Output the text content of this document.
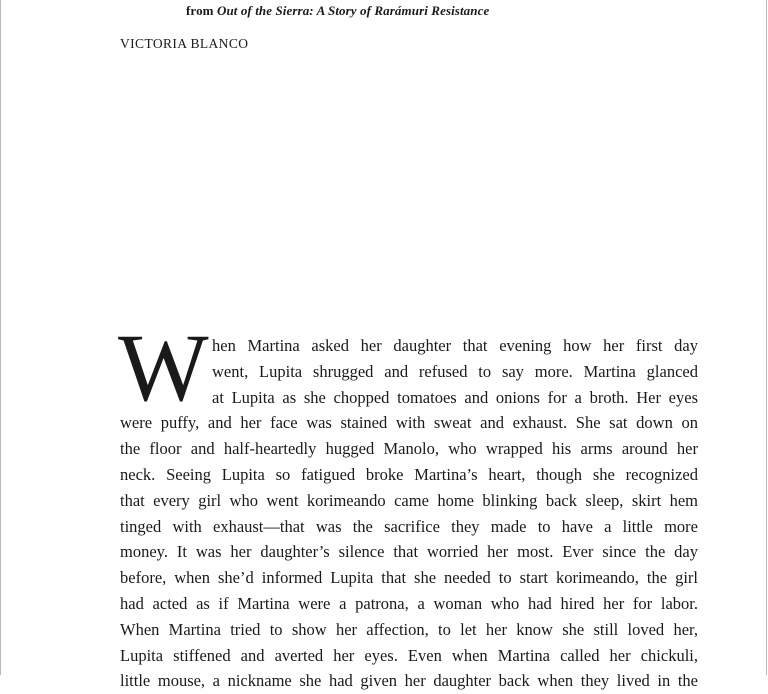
from Out of the Sierra: A Story of Rarámuri Resistance
VICTORIA BLANCO
W hen Martina asked her daughter that evening how her first day
went, Lupita shrugged and refused to say more. Martina glanced
at Lupita as she chopped tomatoes and onions for a broth. Her eyes
were puffy, and her face was stained with sweat and exhaust. She sat down on
the floor and half-heartedly hugged Manolo, who wrapped his arms around her
neck. Seeing Lupita so fatigued broke Martina’s heart, though she recognized
that every girl who went korimeando came home blinking back sleep, skirt hem
tinged with exhaust—that was the sacrifice they made to have a little more
money. It was her daughter’s silence that worried her most. Ever since the day
before, when she’d informed Lupita that she needed to start korimeando, the girl
had acted as if Martina were a patrona, a woman who had hired her for labor.
When Martina tried to show her affection, to let her know she still loved her,
Lupita stiffened and averted her eyes. Even when Martina called her chickuli,
little mouse, a nickname she had given her daughter back when they lived in the
